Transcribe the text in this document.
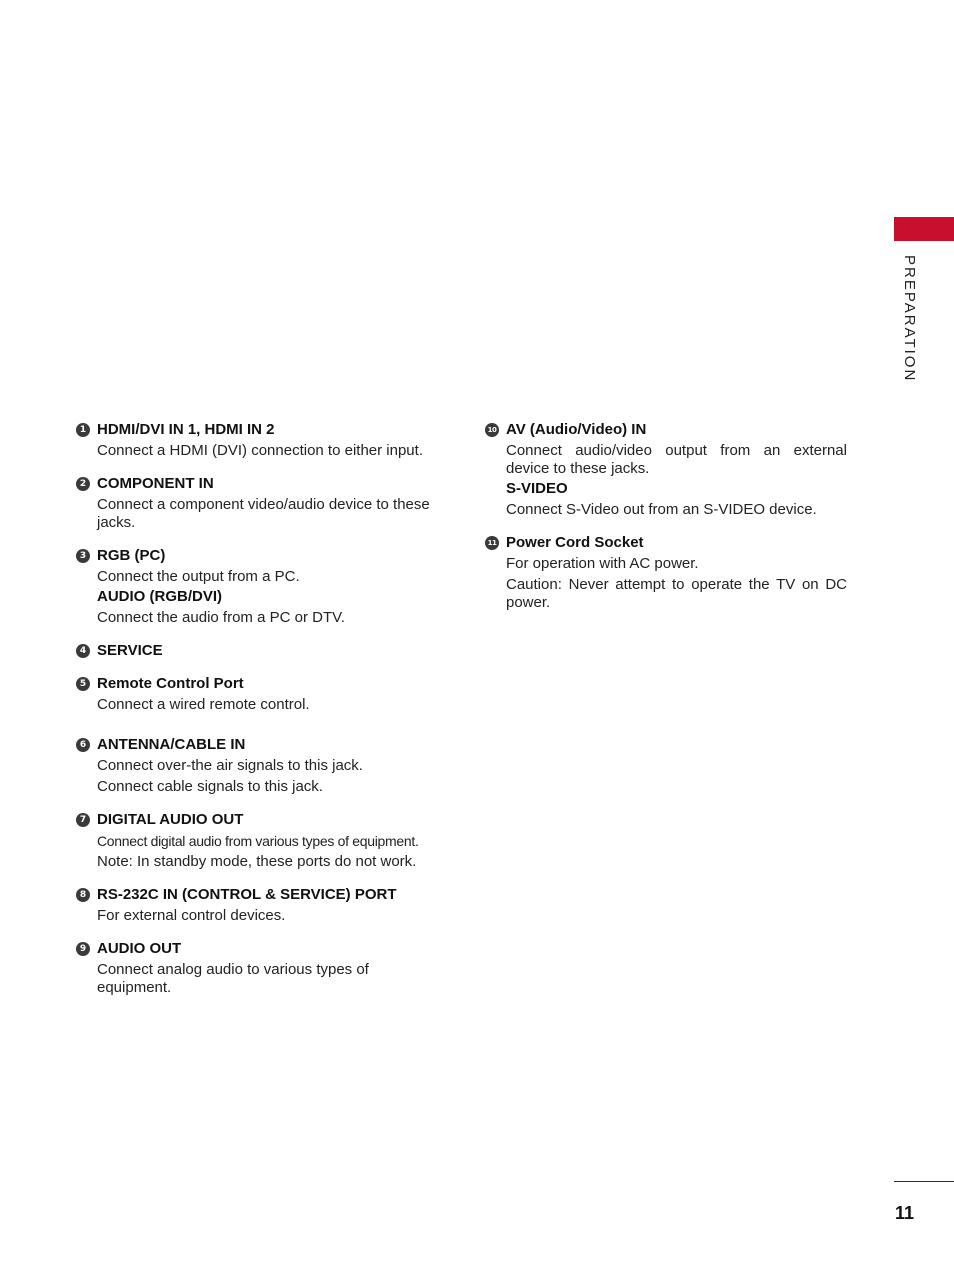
PREPARATION
1 HDMI/DVI IN 1, HDMI IN 2
Connect a HDMI (DVI) connection to either input.
2 COMPONENT IN
Connect a component video/audio device to these jacks.
3 RGB (PC)
Connect the output from a PC.
AUDIO (RGB/DVI)
Connect the audio from a PC or DTV.
4 SERVICE
5 Remote Control Port
Connect a wired remote control.
6 ANTENNA/CABLE IN
Connect over-the air signals to this jack.
Connect cable signals to this jack.
7 DIGITAL AUDIO OUT
Connect digital audio from various types of equipment.
Note: In standby mode, these ports do not work.
8 RS-232C IN (CONTROL & SERVICE) PORT
For external control devices.
9 AUDIO OUT
Connect analog audio to various types of equipment.
10 AV (Audio/Video) IN
Connect audio/video output from an external device to these jacks.
S-VIDEO
Connect S-Video out from an S-VIDEO device.
11 Power Cord Socket
For operation with AC power.
Caution: Never attempt to operate the TV on DC power.
11
